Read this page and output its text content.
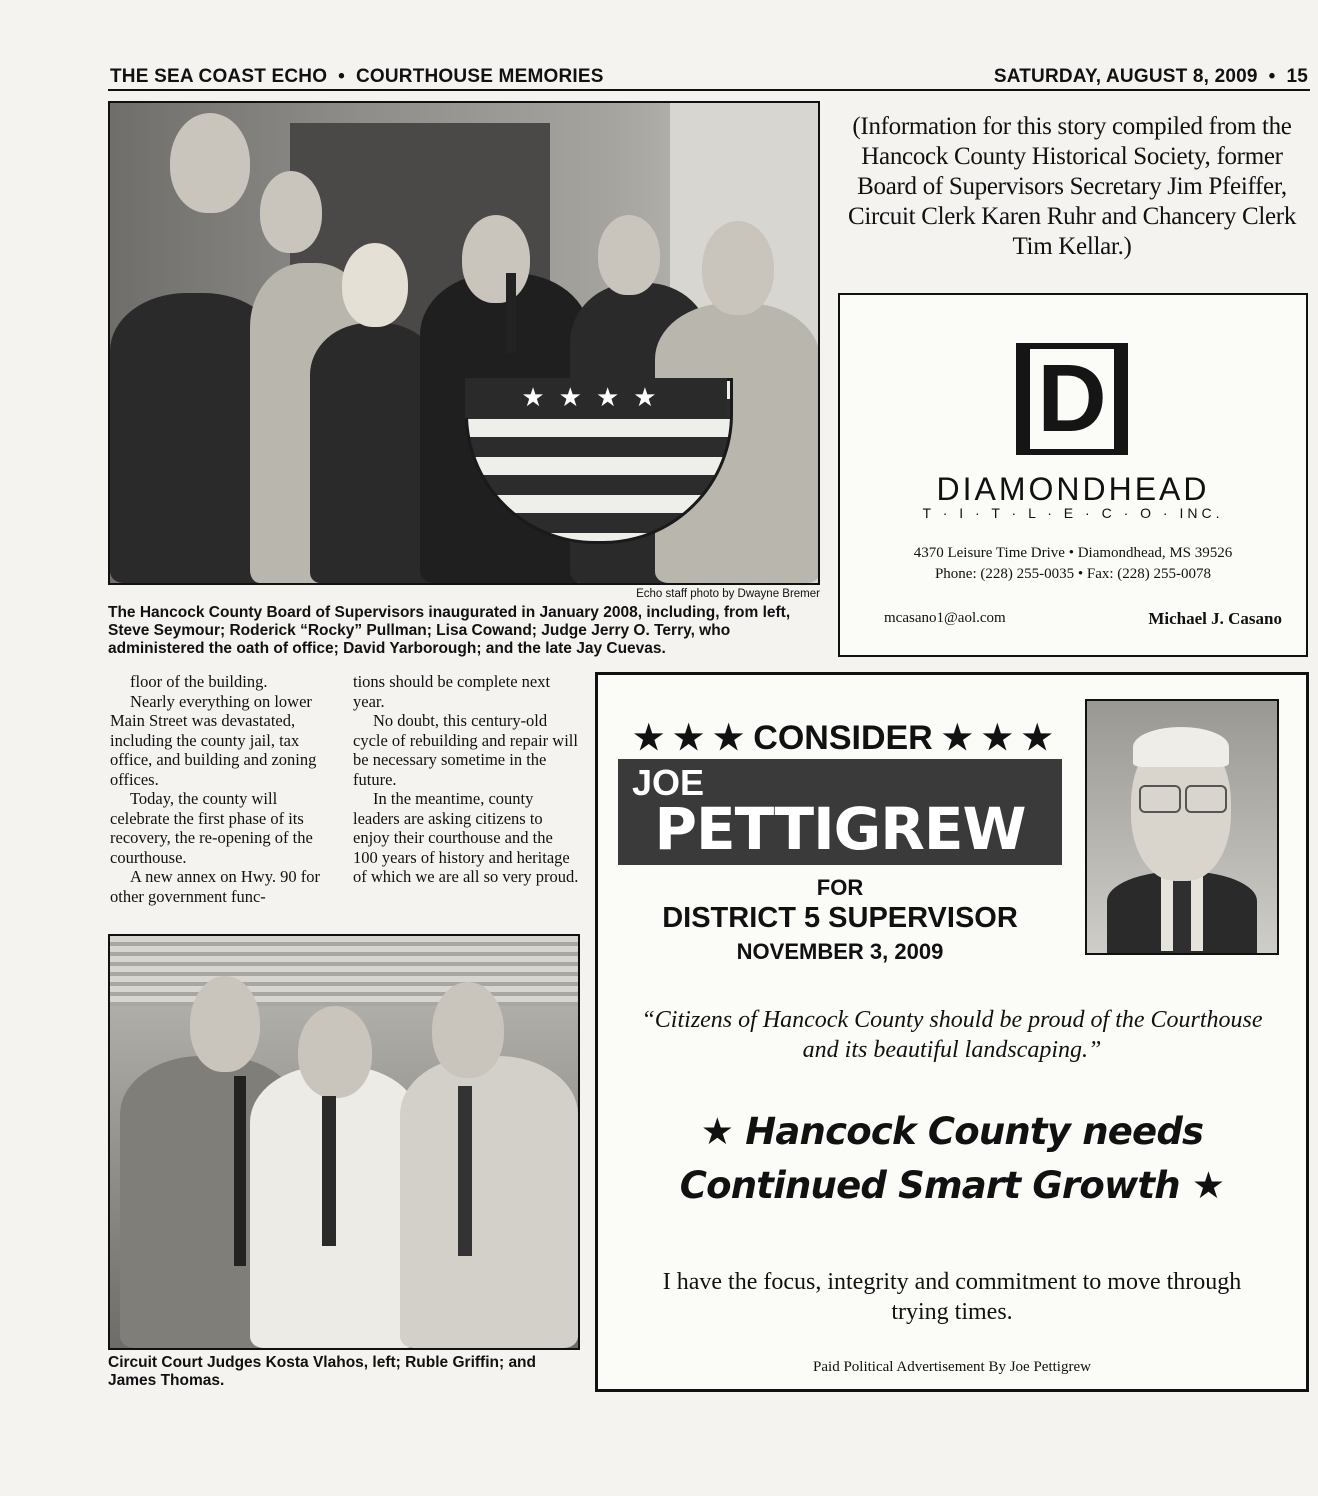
THE SEA COAST ECHO  •  COURTHOUSE MEMORIES	SATURDAY, AUGUST 8, 2009  •  15
★★★★
Echo staff photo by Dwayne Bremer
The Hancock County Board of Supervisors inaugurated in January 2008, including, from left, Steve Seymour; Roderick “Rocky” Pullman; Lisa Cowand; Judge Jerry O. Terry, who administered the oath of office; David Yarborough; and the late Jay Cuevas.

floor of the building.

Nearly everything on lower Main Street was devastated, including the county jail, tax office, and building and zoning offices.

Today, the county will celebrate the first phase of its recovery, the re-opening of the courthouse.

A new annex on Hwy. 90 for other government func-

tions should be complete next year.

No doubt, this century-old cycle of rebuilding and repair will be necessary sometime in the future.

In the meantime, county leaders are asking citizens to enjoy their courthouse and the 100 years of history and heritage of which we are all so very proud.

Circuit Court Judges Kosta Vlahos, left; Ruble Griffin; and James Thomas.
(Information for this story compiled from the Hancock County Historical Society, former Board of Supervisors Secretary Jim Pfeiffer, Circuit Clerk Karen Ruhr and Chancery Clerk Tim Kellar.)
D
DIAMONDHEAD
T · I · T · L · E · C · O · INC.
4370 Leisure Time Drive • Diamondhead, MS 39526
Phone: (228) 255-0035 • Fax: (228) 255-0078
mcasano1@aol.com	Michael J. Casano
★ ★ ★ CONSIDER ★ ★ ★
JOE
PETTIGREW
FOR
DISTRICT 5 SUPERVISOR
NOVEMBER 3, 2009
“Citizens of Hancock County should be proud of the Courthouse and its beautiful landscaping.”
★ Hancock County needs
Continued Smart Growth ★
I have the focus, integrity and commitment to move through trying times.
Paid Political Advertisement By Joe Pettigrew
